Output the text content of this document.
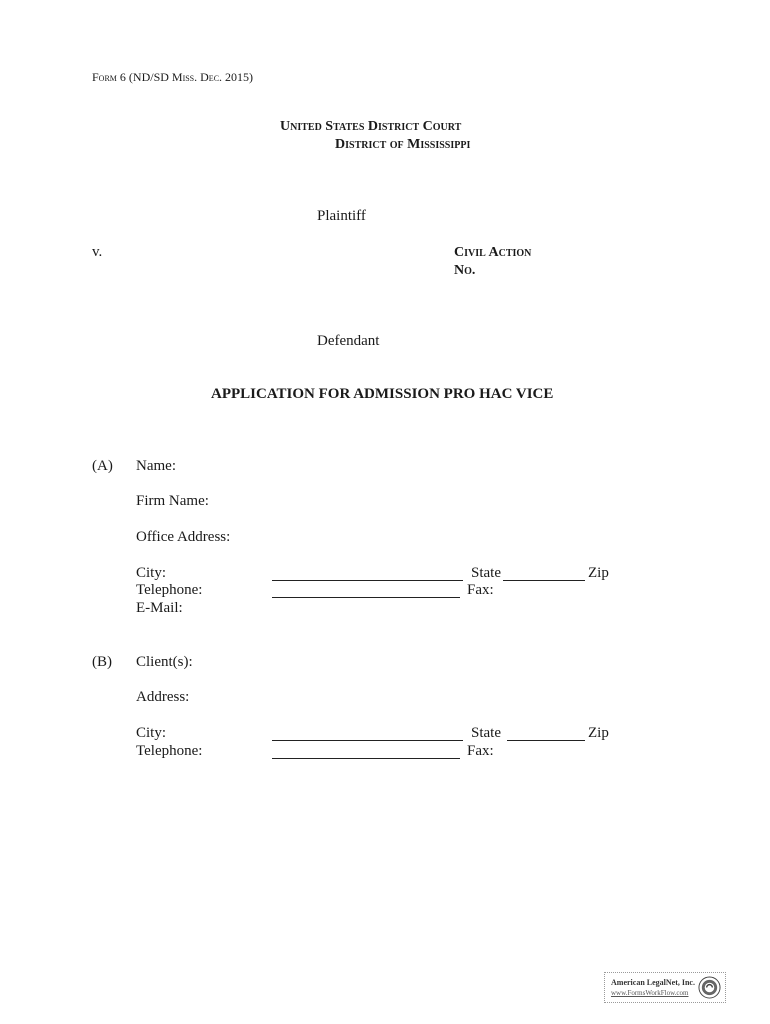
Form 6 (ND/SD Miss. Dec. 2015)
United States District Court
District of Mississippi
Plaintiff
v.	Civil Action
No.
Defendant
APPLICATION FOR ADMISSION PRO HAC VICE
(A) Name:
Firm Name:
Office Address:
City:	State	Zip
Telephone:	Fax:
E-Mail:
(B) Client(s):
Address:
City:	State	Zip
Telephone:	Fax:
American LegalNet, Inc.
www.FormsWorkFlow.com
